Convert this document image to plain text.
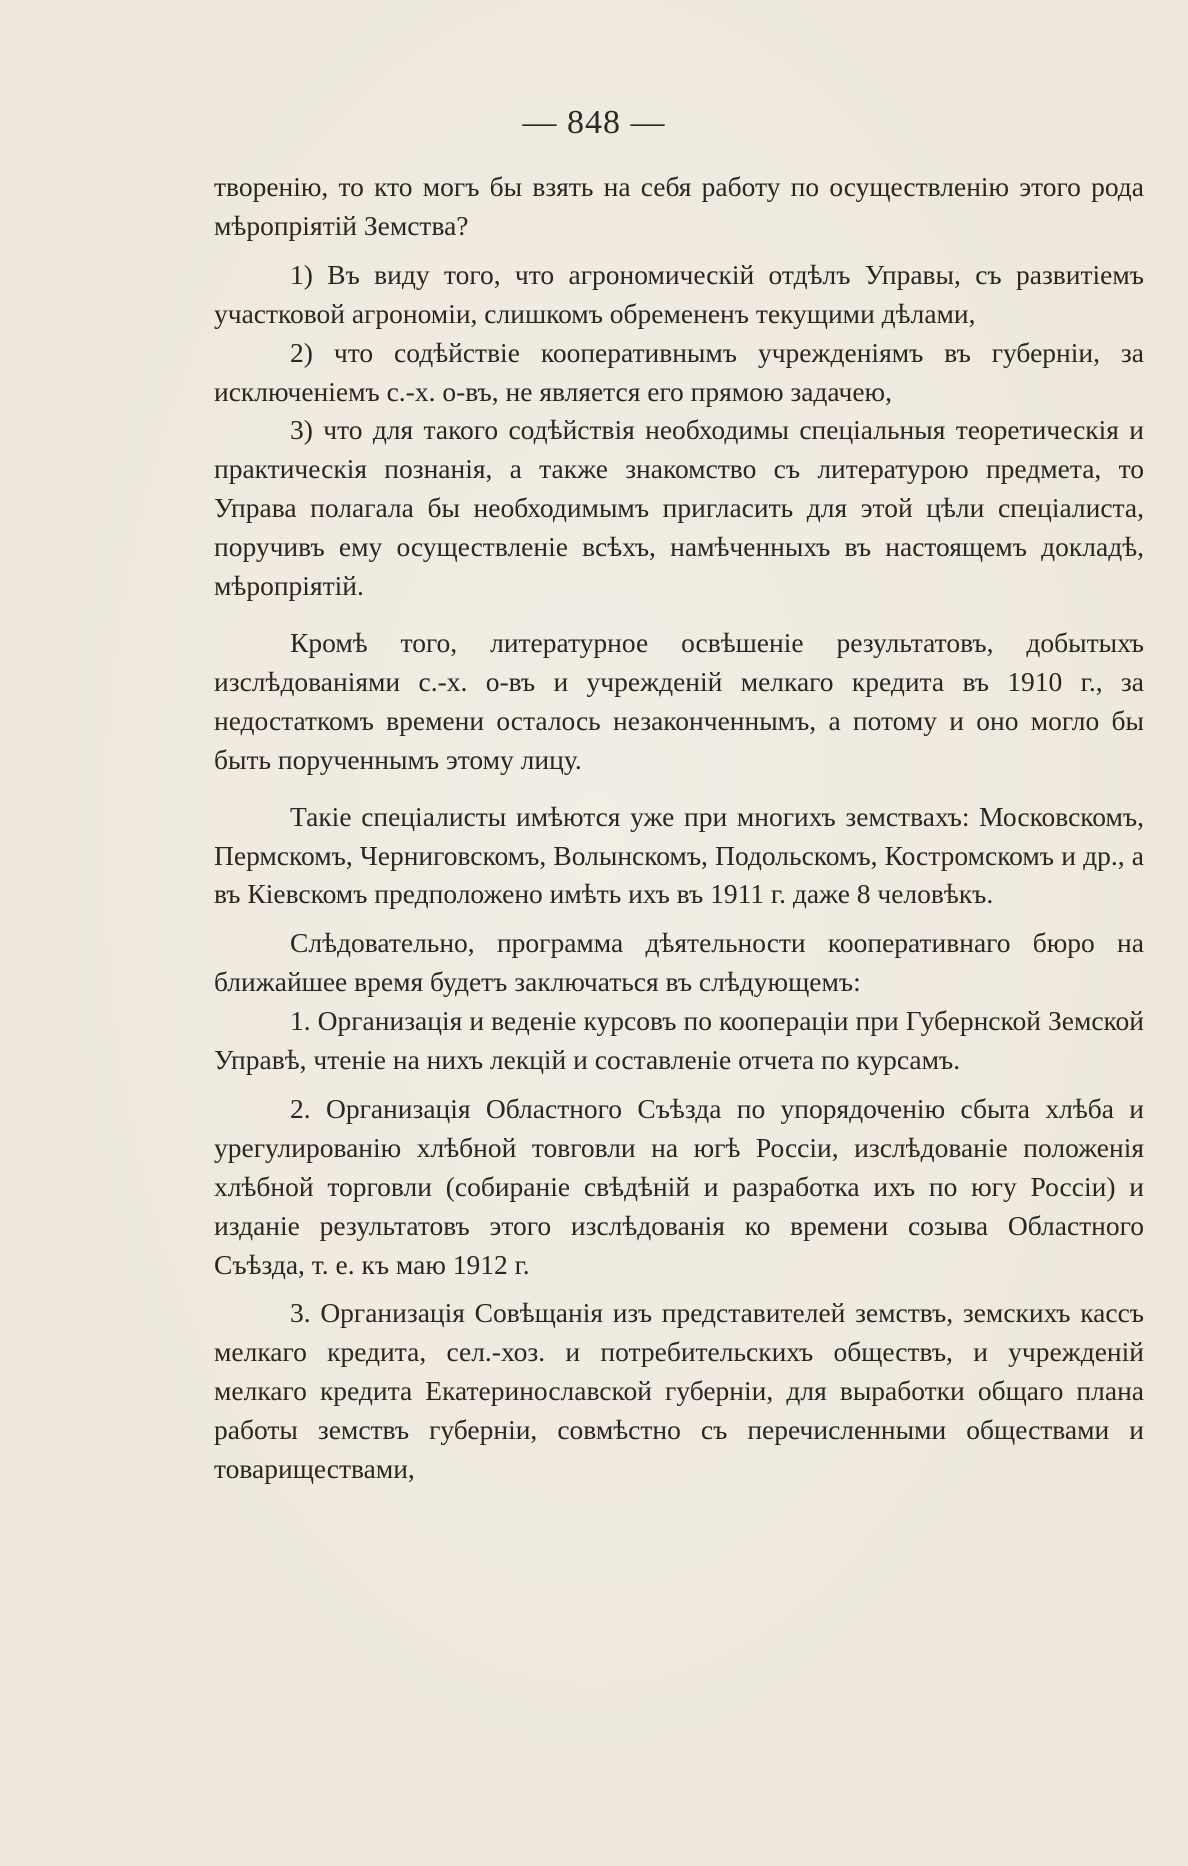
— 848 —

творенію, то кто могъ бы взять на себя работу по осуществленію этого рода мѣропріятій Земства?

1) Въ виду того, что агрономическій отдѣлъ Управы, съ развитіемъ участковой агрономіи, слишкомъ обремененъ текущими дѣлами,

2) что содѣйствіе кооперативнымъ учрежденіямъ въ губерніи, за исключеніемъ с.-х. о-въ, не является его прямою задачею,

3) что для такого содѣйствія необходимы спеціальныя теоретическія и практическія познанія, а также знакомство съ литературою предмета, то Управа полагала бы необходимымъ пригласить для этой цѣли спеціалиста, поручивъ ему осуществленіе всѣхъ, намѣченныхъ въ настоящемъ докладѣ, мѣропріятій.

Кромѣ того, литературное освѣшеніе результатовъ, добытыхъ изслѣдованіями с.-х. о-въ и учрежденій мелкаго кредита въ 1910 г., за недостаткомъ времени осталось незаконченнымъ, а потому и оно могло бы быть порученнымъ этому лицу.

Такіе спеціалисты имѣются уже при многихъ земствахъ: Московскомъ, Пермскомъ, Черниговскомъ, Волынскомъ, Подольскомъ, Костромскомъ и др., а въ Кіевскомъ предположено имѣть ихъ въ 1911 г. даже 8 человѣкъ.

Слѣдовательно, программа дѣятельности кооперативнаго бюро на ближайшее время будетъ заключаться въ слѣдующемъ:

1. Организація и веденіе курсовъ по коопераціи при Губернской Земской Управѣ, чтеніе на нихъ лекцій и составленіе отчета по курсамъ.

2. Организація Областного Съѣзда по упорядоченію сбыта хлѣба и урегулированію хлѣбной товговли на югѣ Россіи, изслѣдованіе положенія хлѣбной торговли (собираніе свѣдѣній и разработка ихъ по югу Россіи) и изданіе результатовъ этого изслѣдованія ко времени созыва Областного Съѣзда, т. е. къ маю 1912 г.

3. Организація Совѣщанія изъ представителей земствъ, земскихъ кассъ мелкаго кредита, сел.-хоз. и потребительскихъ обществъ, и учрежденій мелкаго кредита Екатеринославской губерніи, для выработки общаго плана работы земствъ губерніи, совмѣстно съ перечисленными обществами и товариществами,
